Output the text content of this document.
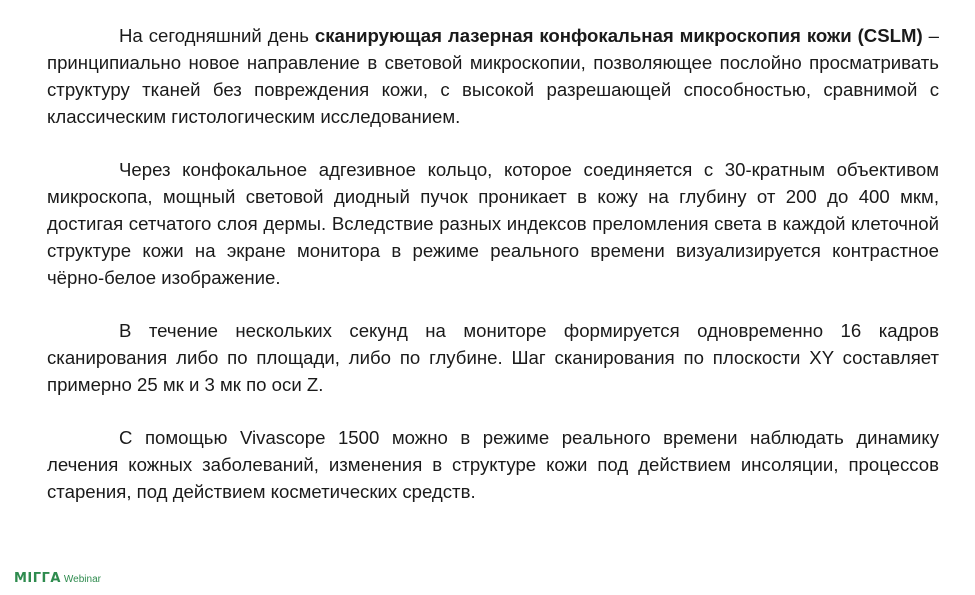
На сегодняшний день сканирующая лазерная конфокальная микроскопия кожи (CSLM) – принципиально новое направление в световой микроскопии, позволяющее послойно просматривать структуру тканей без повреждения кожи, с высокой разрешающей способностью, сравнимой с классическим гистологическим исследованием.

Через конфокальное адгезивное кольцо, которое соединяется с 30-кратным объективом микроскопа, мощный световой диодный пучок проникает в кожу на глубину от 200 до 400 мкм, достигая сетчатого слоя дермы. Вследствие разных индексов преломления света в каждой клеточной структуре кожи на экране монитора в режиме реального времени визуализируется контрастное чёрно-белое изображение.

В течение нескольких секунд на мониторе формируется одновременно 16 кадров сканирования либо по площади, либо по глубине. Шаг сканирования по плоскости XY составляет примерно 25 мк и 3 мк по оси Z.

С помощью Vivascope 1500 можно в режиме реального времени наблюдать динамику лечения кожных заболеваний, изменения в структуре кожи под действием инсоляции, процессов старения, под действием косметических средств.

ΜΙΓΓΑ Webinar
